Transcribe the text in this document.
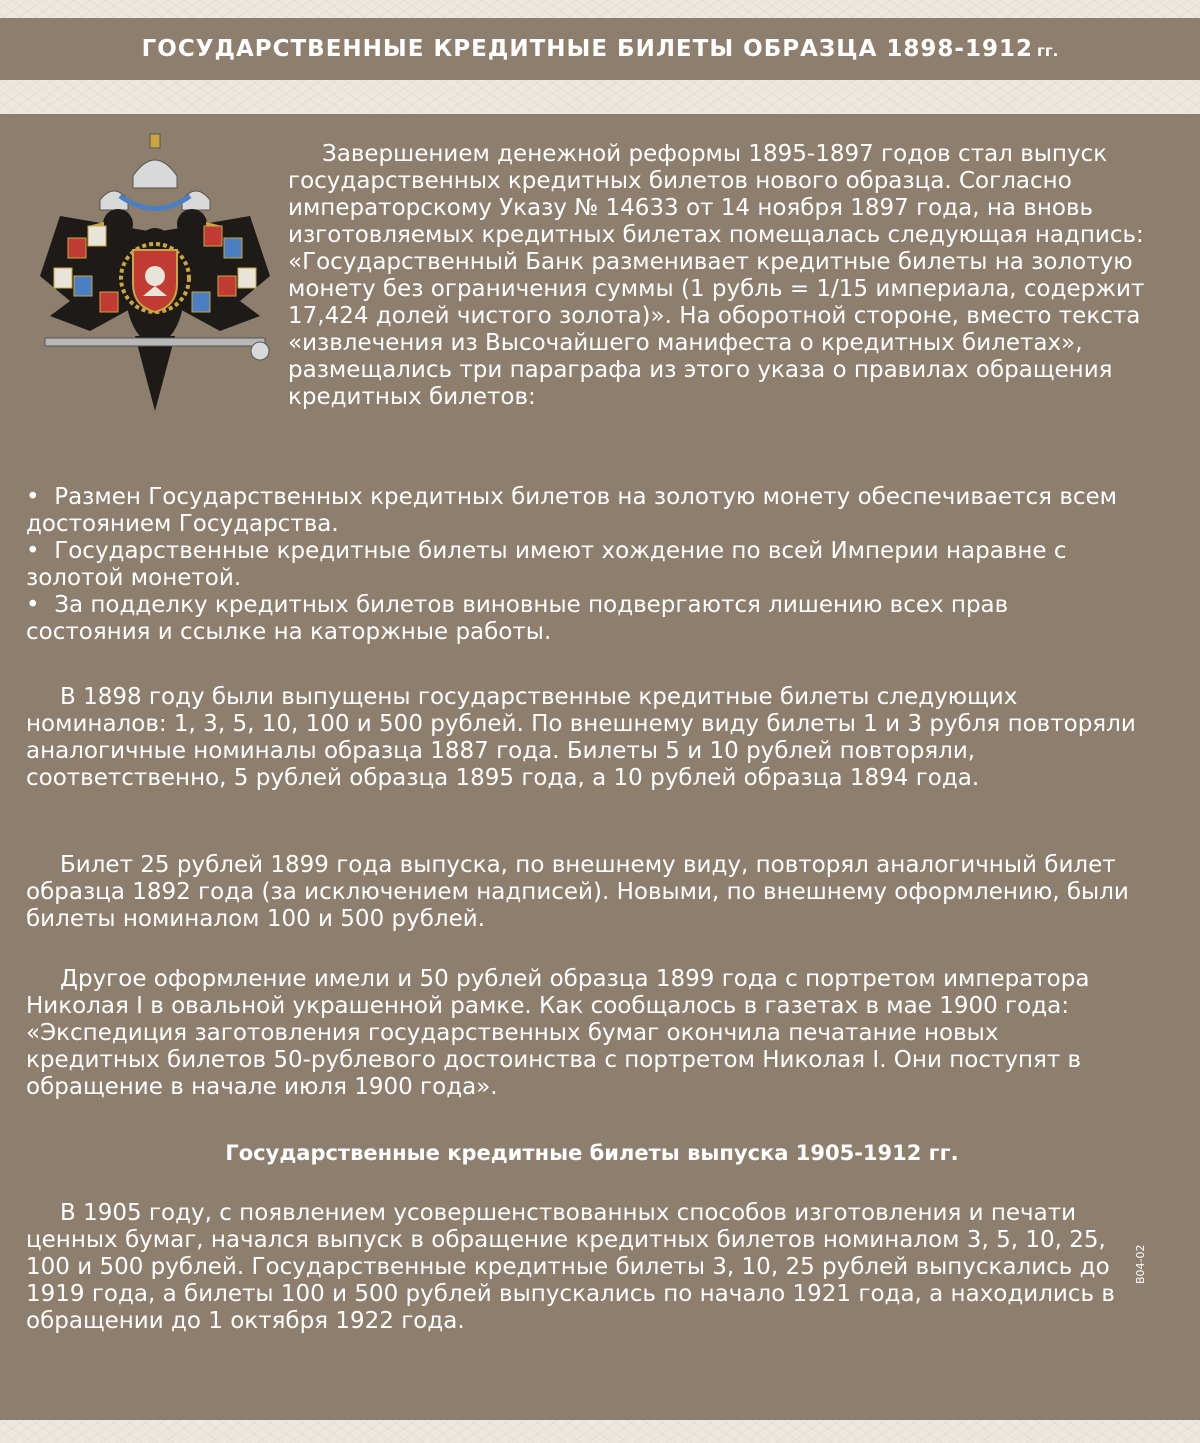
ГОСУДАРСТВЕННЫЕ КРЕДИТНЫЕ БИЛЕТЫ ОБРАЗЦА 1898-1912 гг.

Завершением денежной реформы 1895-1897 годов стал выпуск государственных кредитных билетов нового образца. Согласно императорскому Указу № 14633 от 14 ноября 1897 года, на вновь изготовляемых кредитных билетах помещалась следующая надпись: «Государственный Банк разменивает кредитные билеты на золотую монету без ограничения суммы (1 рубль = 1/15 империала, содержит 17,424 долей чистого золота)». На оборотной стороне, вместо текста «извлечения из Высочайшего манифеста о кредитных билетах», размещались три параграфа из этого указа о правилах обращения кредитных билетов:

•  Размен Государственных кредитных билетов на золотую монету обеспечивается всем достоянием Государства.
•  Государственные кредитные билеты имеют хождение по всей Империи наравне с золотой монетой.
•  За подделку кредитных билетов виновные подвергаются лишению всех прав состояния и ссылке на каторжные работы.

В 1898 году были выпущены государственные кредитные билеты следующих номиналов: 1, 3, 5, 10, 100 и 500 рублей. По внешнему виду билеты 1 и 3 рубля повторяли аналогичные номиналы образца 1887 года. Билеты 5 и 10 рублей повторяли, соответственно, 5 рублей образца 1895 года, а 10 рублей образца 1894 года.

Билет 25 рублей 1899 года выпуска, по внешнему виду, повторял аналогичный билет образца 1892 года (за исключением надписей). Новыми, по внешнему оформлению, были билеты номиналом 100 и 500 рублей.

Другое оформление имели и 50 рублей образца 1899 года с портретом императора Николая I в овальной украшенной рамке. Как сообщалось в газетах в мае 1900 года: «Экспедиция заготовления государственных бумаг окончила печатание новых кредитных билетов 50-рублевого достоинства с портретом Николая I. Они поступят в обращение в начале июля 1900 года».

Государственные кредитные билеты выпуска 1905-1912 гг.

В 1905 году, с появлением усовершенствованных способов изготовления и печати ценных бумаг, начался выпуск в обращение кредитных билетов номиналом 3, 5, 10, 25, 100 и 500 рублей. Государственные кредитные билеты 3, 10, 25 рублей выпускались до 1919 года, а билеты 100 и 500 рублей выпускались по начало 1921 года, а находились в обращении до 1 октября 1922 года.

В04-02
